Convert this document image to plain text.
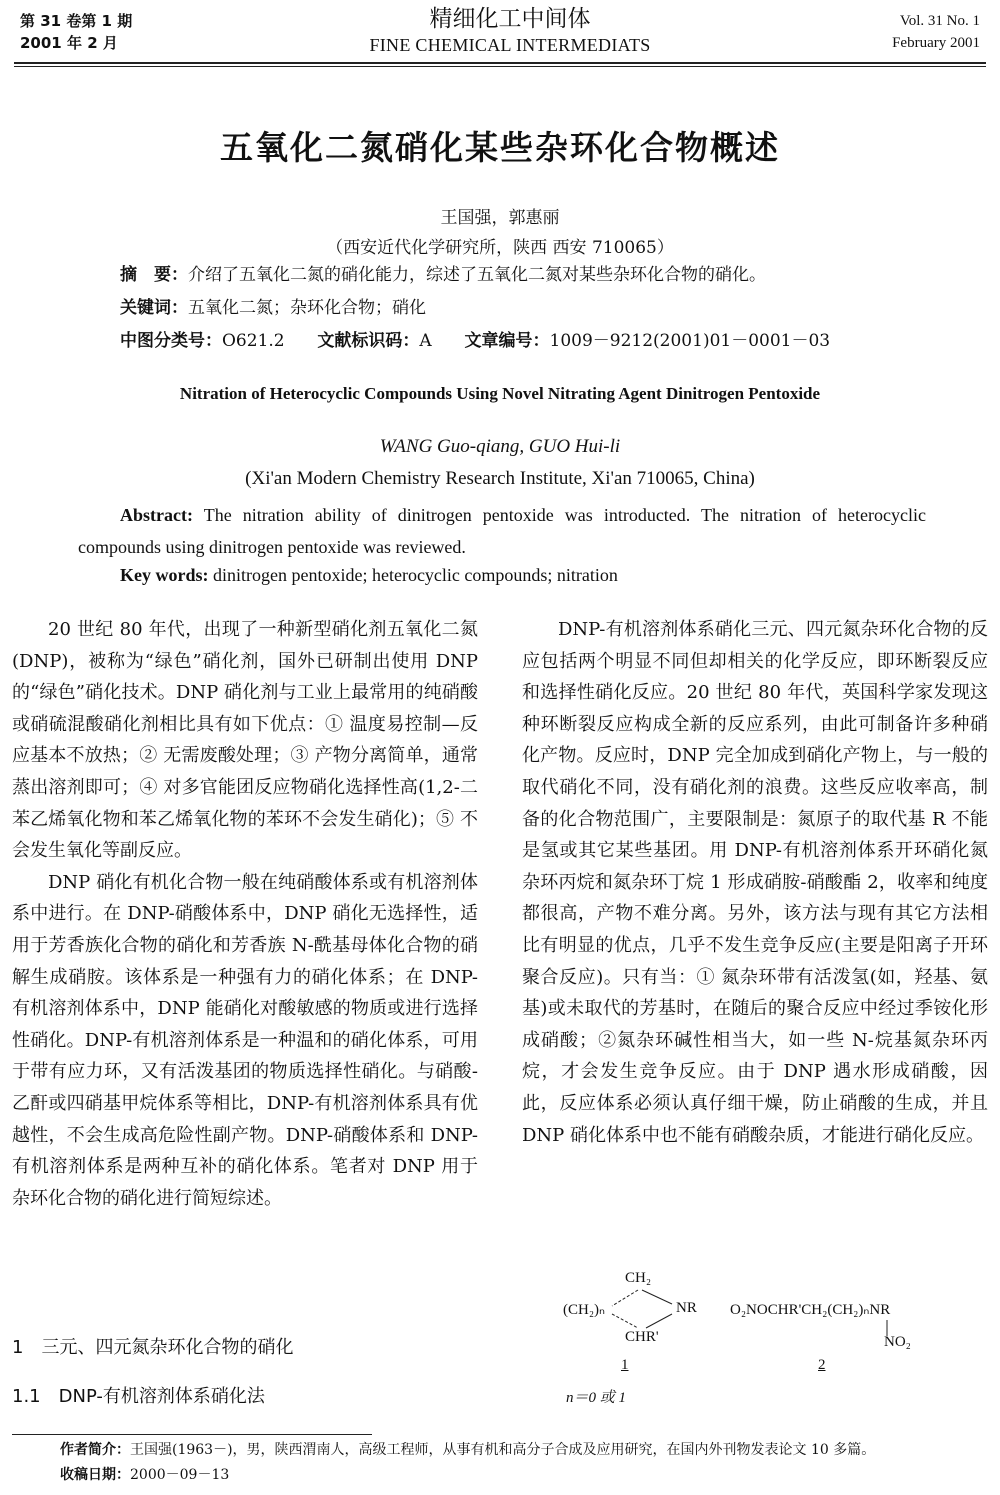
第 31 卷第 1 期
2001 年 2 月
精细化工中间体
FINE CHEMICAL INTERMEDIATS
Vol. 31 No. 1
February 2001
五氧化二氮硝化某些杂环化合物概述
王国强，郭惠丽
（西安近代化学研究所，陕西 西安 710065）
摘　要：介绍了五氧化二氮的硝化能力，综述了五氧化二氮对某些杂环化合物的硝化。
关键词：五氧化二氮；杂环化合物；硝化
中图分类号：O621.2 文献标识码：A 文章编号：1009－9212(2001)01－0001－03
Nitration of Heterocyclic Compounds Using Novel Nitrating Agent Dinitrogen Pentoxide
WANG Guo-qiang, GUO Hui-li
(Xi'an Modern Chemistry Research Institute, Xi'an 710065, China)
Abstract: The nitration ability of dinitrogen pentoxide was introducted. The nitration of heterocyclic compounds using dinitrogen pentoxide was reviewed.
Key words: dinitrogen pentoxide; heterocyclic compounds; nitration

20 世纪 80 年代，出现了一种新型硝化剂五氧化二氮(DNP)，被称为“绿色”硝化剂，国外已研制出使用 DNP 的“绿色”硝化技术。DNP 硝化剂与工业上最常用的纯硝酸或硝硫混酸硝化剂相比具有如下优点：① 温度易控制—反应基本不放热；② 无需废酸处理；③ 产物分离简单，通常蒸出溶剂即可；④ 对多官能团反应物硝化选择性高(1,2-二苯乙烯氧化物和苯乙烯氧化物的苯环不会发生硝化)；⑤ 不会发生氧化等副反应。

DNP 硝化有机化合物一般在纯硝酸体系或有机溶剂体系中进行。在 DNP-硝酸体系中，DNP 硝化无选择性，适用于芳香族化合物的硝化和芳香族 N-酰基母体化合物的硝解生成硝胺。该体系是一种强有力的硝化体系；在 DNP-有机溶剂体系中，DNP 能硝化对酸敏感的物质或进行选择性硝化。DNP-有机溶剂体系是一种温和的硝化体系，可用于带有应力环，又有活泼基团的物质选择性硝化。与硝酸-乙酐或四硝基甲烷体系等相比，DNP-有机溶剂体系具有优越性，不会生成高危险性副产物。DNP-硝酸体系和 DNP-有机溶剂体系是两种互补的硝化体系。笔者对 DNP 用于杂环化合物的硝化进行简短综述。

1　三元、四元氮杂环化合物的硝化
1.1　DNP-有机溶剂体系硝化法

DNP-有机溶剂体系硝化三元、四元氮杂环化合物的反应包括两个明显不同但却相关的化学反应，即环断裂反应和选择性硝化反应。20 世纪 80 年代，英国科学家发现这种环断裂反应构成全新的反应系列，由此可制备许多种硝化产物。反应时，DNP 完全加成到硝化产物上，与一般的取代硝化不同，没有硝化剂的浪费。这些反应收率高，制备的化合物范围广，主要限制是：氮原子的取代基 R 不能是氢或其它某些基团。用 DNP-有机溶剂体系开环硝化氮杂环丙烷和氮杂环丁烷 1 形成硝胺-硝酸酯 2，收率和纯度都很高，产物不难分离。另外，该方法与现有其它方法相比有明显的优点，几乎不发生竞争反应(主要是阳离子开环聚合反应)。只有当：① 氮杂环带有活泼氢(如，羟基、氨基)或未取代的芳基时，在随后的聚合反应中经过季铵化形成硝酸；②氮杂环碱性相当大，如一些 N-烷基氮杂环丙烷，才会发生竞争反应。由于 DNP 遇水形成硝酸，因此，反应体系必须认真仔细干燥，防止硝酸的生成，并且 DNP 硝化体系中也不能有硝酸杂质，才能进行硝化反应。

CH₂
(CH₂)ₙ	NR
CHR'
1
n＝0 或 1
O₂NOCHR'CH₂(CH₂)ₙNR
NO₂
2
作者简介：王国强(1963－)，男，陕西渭南人，高级工程师，从事有机和高分子合成及应用研究，在国内外刊物发表论文 10 多篇。
收稿日期：2000－09－13
